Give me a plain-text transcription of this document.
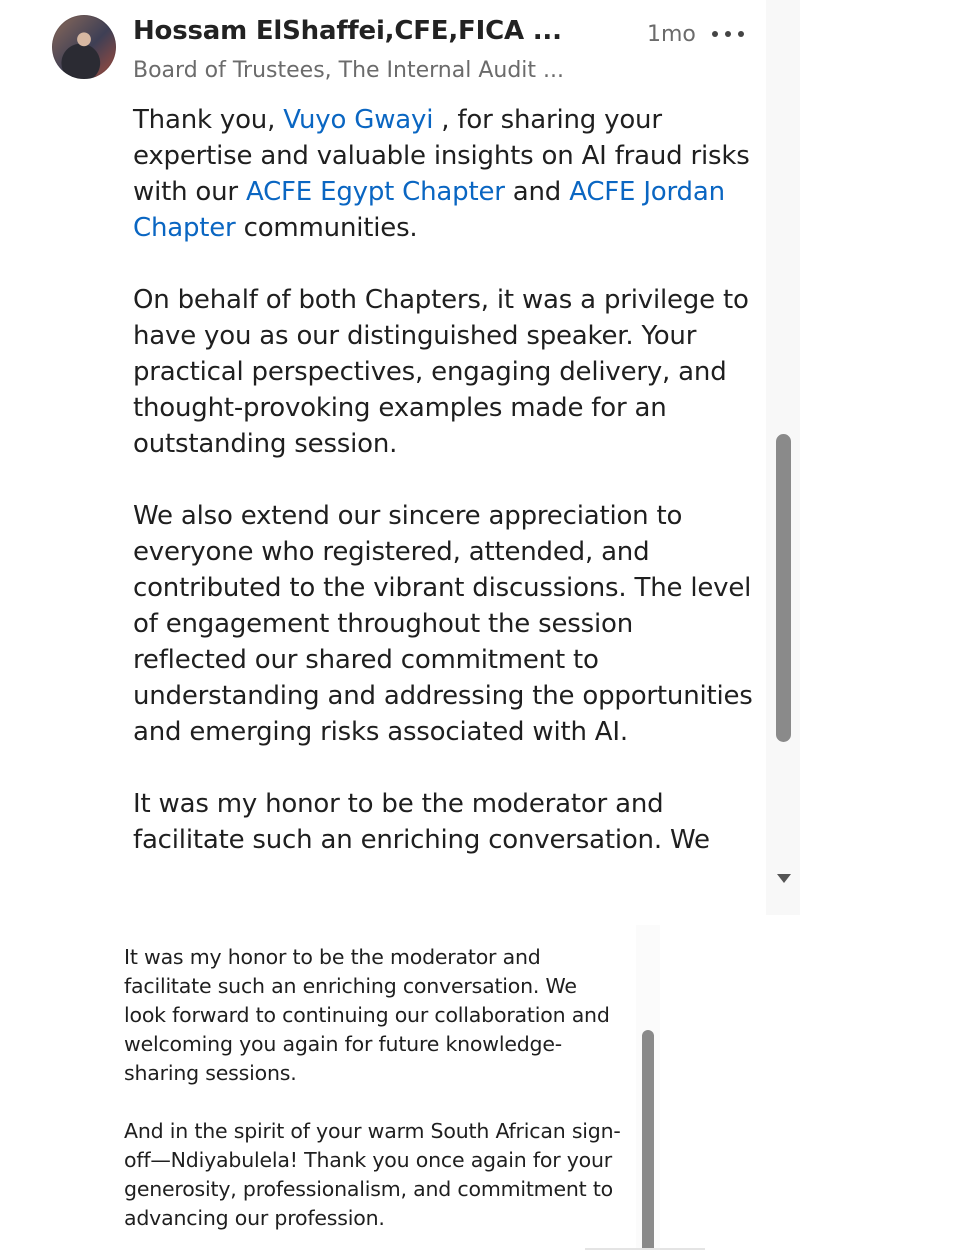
Hossam ElShaffei,CFE,FICA ...
Board of Trustees, The Internal Audit ...
1mo

Thank you, Vuyo Gwayi , for sharing your expertise and valuable insights on AI fraud risks with our ACFE Egypt Chapter and ACFE Jordan Chapter communities.

On behalf of both Chapters, it was a privilege to have you as our distinguished speaker. Your practical perspectives, engaging delivery, and thought-provoking examples made for an outstanding session.

We also extend our sincere appreciation to everyone who registered, attended, and contributed to the vibrant discussions. The level of engagement throughout the session reflected our shared commitment to understanding and addressing the opportunities and emerging risks associated with AI.

It was my honor to be the moderator and facilitate such an enriching conversation. We

It was my honor to be the moderator and facilitate such an enriching conversation. We look forward to continuing our collaboration and welcoming you again for future knowledge-sharing sessions.

And in the spirit of your warm South African sign-off—Ndiyabulela! Thank you once again for your generosity, professionalism, and commitment to advancing our profession.
